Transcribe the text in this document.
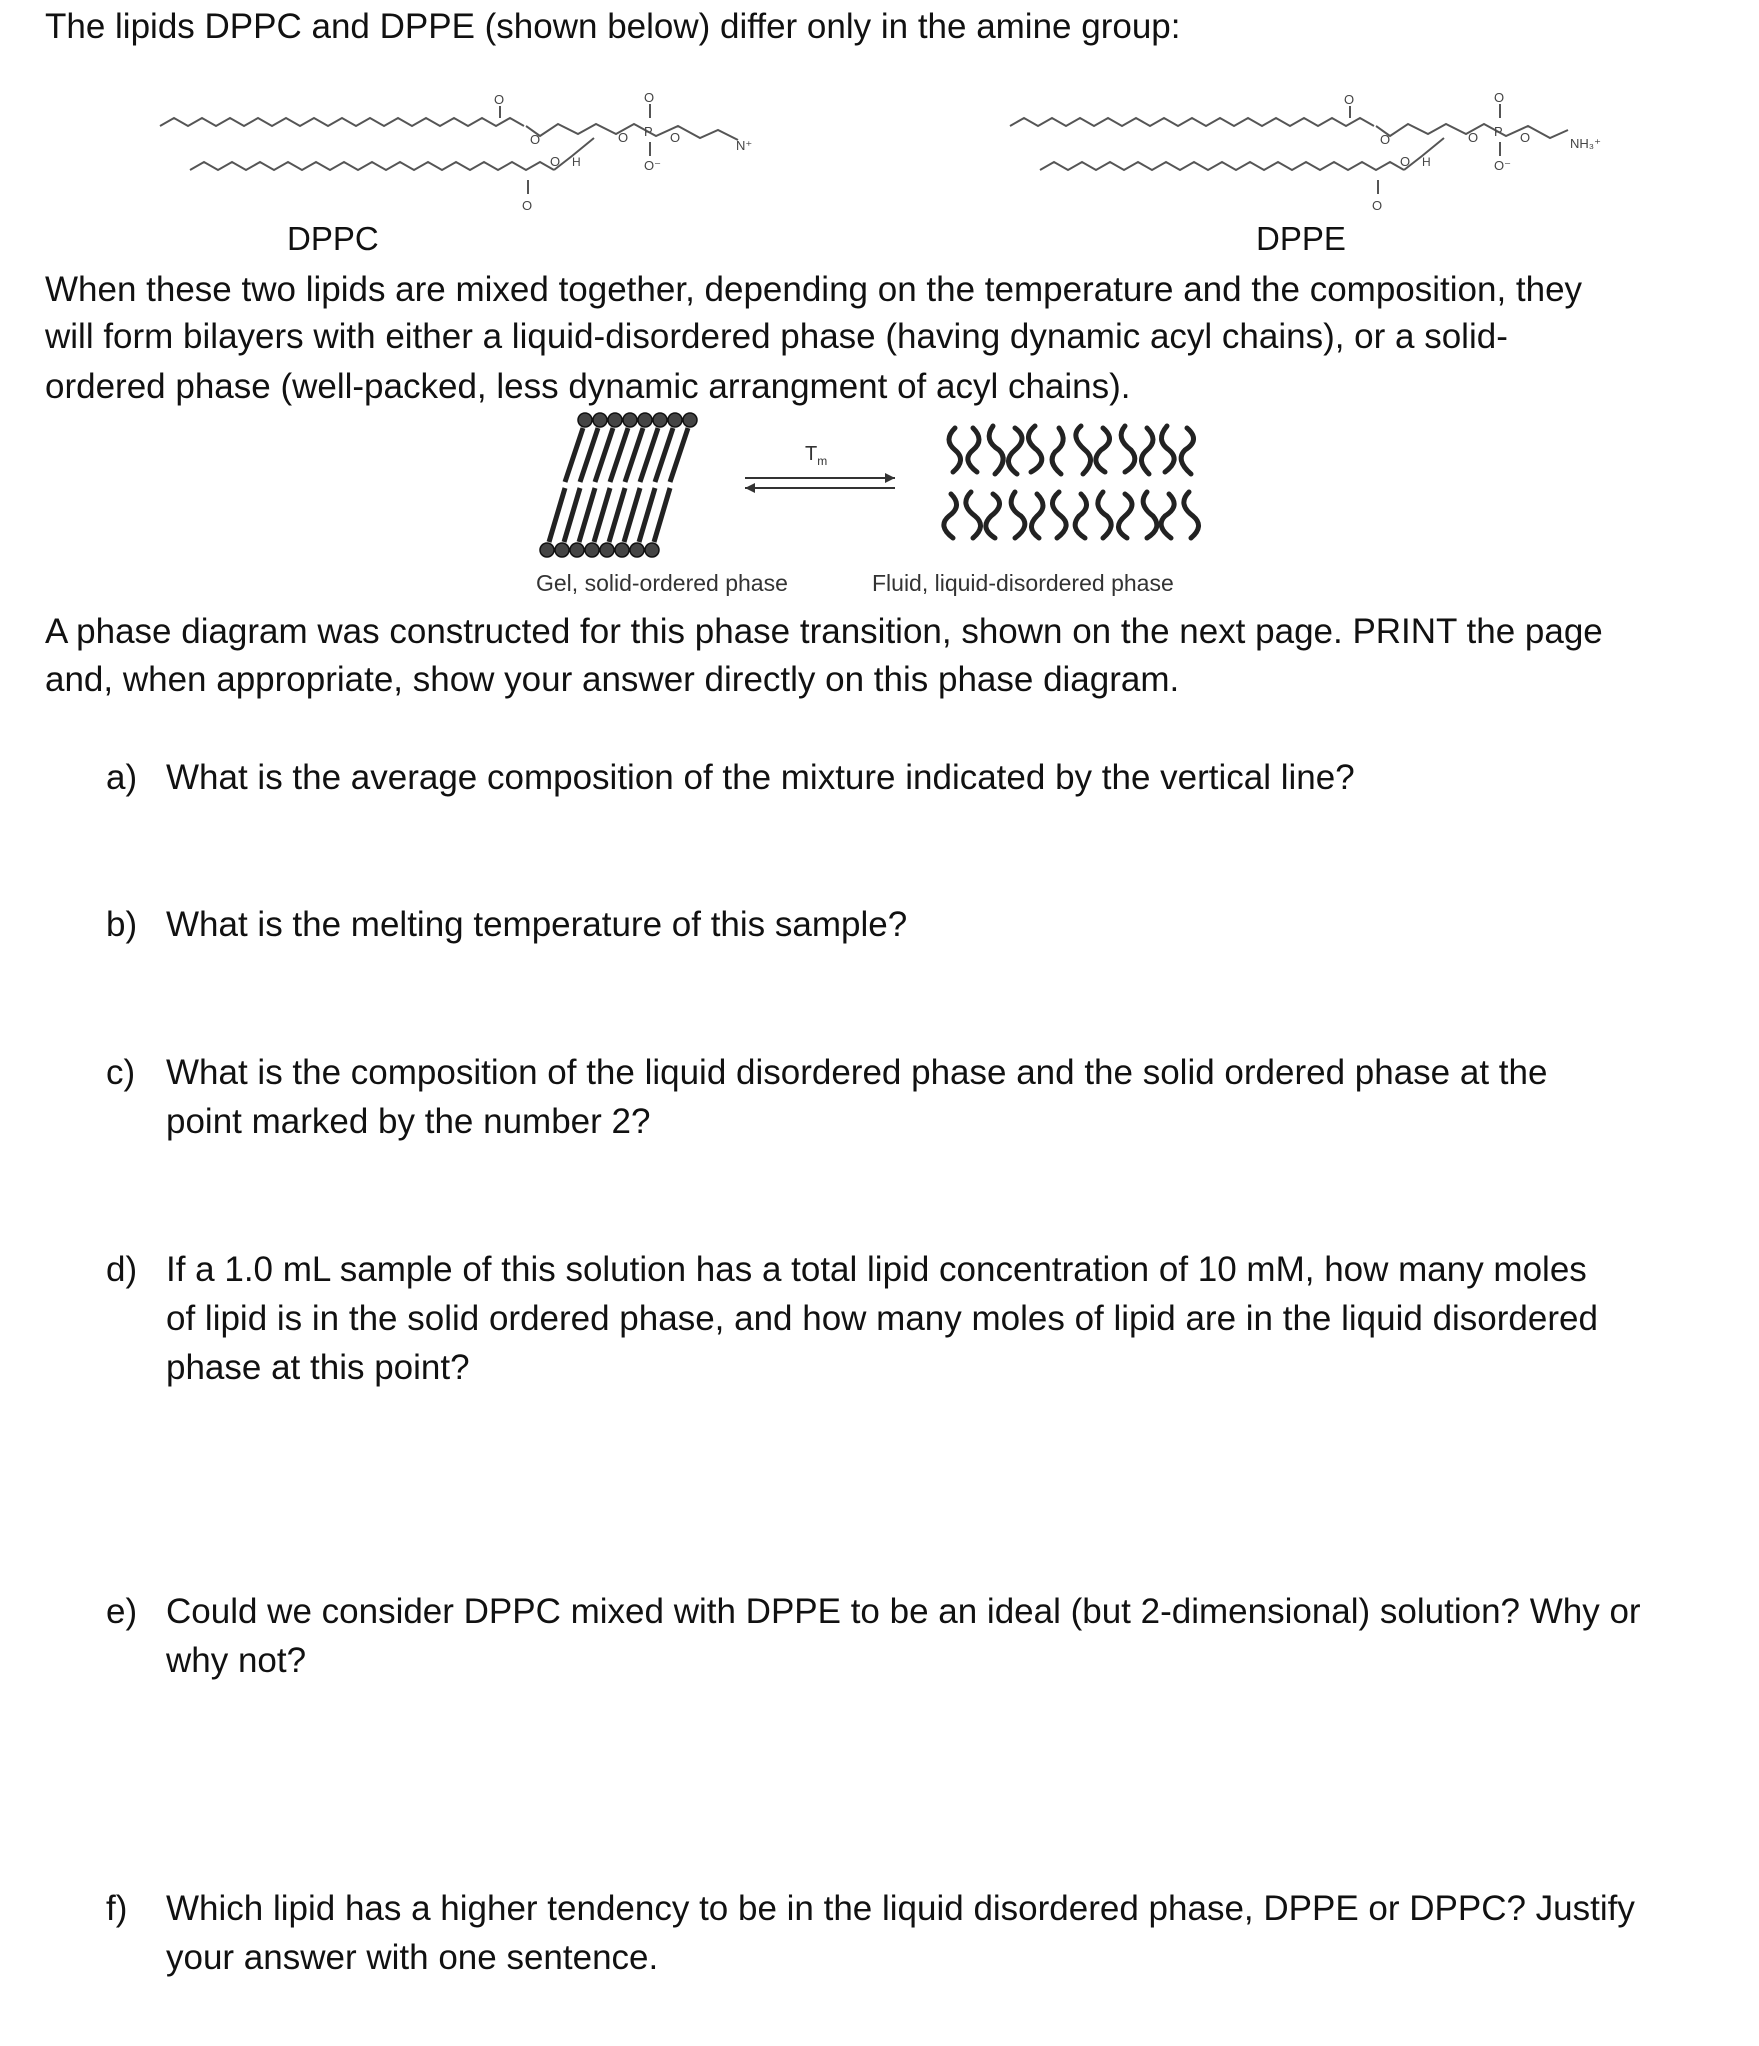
The lipids DPPC and DPPE (shown below) differ only in the amine group:
O
O
O
O H
O
O
P
O⁻
O
N⁺
DPPC
O
O
O
O H
O
O
P
O⁻
O	NH₃⁺
DPPE
When these two lipids are mixed together, depending on the temperature and the composition, they
will form bilayers with either a liquid-disordered phase (having dynamic acyl chains), or a solid-
ordered phase (well-packed, less dynamic arrangment of acyl chains).
$T_m$
Gel, solid-ordered phase	Fluid, liquid-disordered phase
A phase diagram was constructed for this phase transition, shown on the next page. PRINT the page
and, when appropriate, show your answer directly on this phase diagram.
a) What is the average composition of the mixture indicated by the vertical line?
b) What is the melting temperature of this sample?
c) What is the composition of the liquid disordered phase and the solid ordered phase at the
point marked by the number 2?
d) If a 1.0 mL sample of this solution has a total lipid concentration of 10 mM, how many moles
of lipid is in the solid ordered phase, and how many moles of lipid are in the liquid disordered
phase at this point?
e) Could we consider DPPC mixed with DPPE to be an ideal (but 2-dimensional) solution? Why or
why not?
f) Which lipid has a higher tendency to be in the liquid disordered phase, DPPE or DPPC? Justify
your answer with one sentence.
